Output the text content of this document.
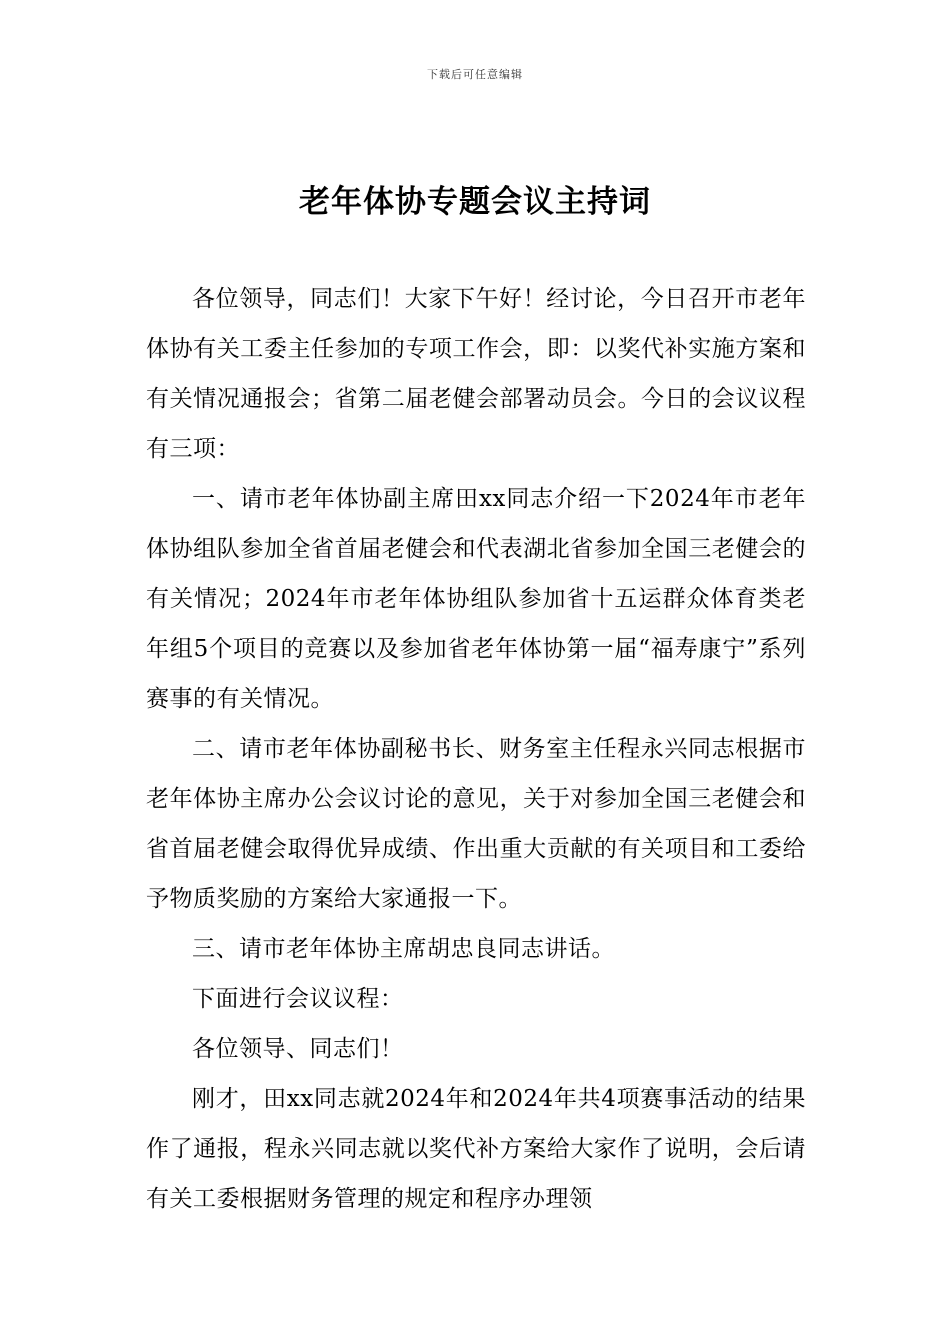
下载后可任意编辑
老年体协专题会议主持词

各位领导，同志们！大家下午好！经讨论，今日召开市老年体协有关工委主任参加的专项工作会，即：以奖代补实施方案和有关情况通报会；省第二届老健会部署动员会。今日的会议议程有三项：

一、请市老年体协副主席田xx同志介绍一下2024年市老年体协组队参加全省首届老健会和代表湖北省参加全国三老健会的有关情况；2024年市老年体协组队参加省十五运群众体育类老年组5个项目的竞赛以及参加省老年体协第一届“福寿康宁”系列赛事的有关情况。

二、请市老年体协副秘书长、财务室主任程永兴同志根据市老年体协主席办公会议讨论的意见，关于对参加全国三老健会和省首届老健会取得优异成绩、作出重大贡献的有关项目和工委给予物质奖励的方案给大家通报一下。

三、请市老年体协主席胡忠良同志讲话。

下面进行会议议程：

各位领导、同志们！

刚才，田xx同志就2024年和2024年共4项赛事活动的结果作了通报，程永兴同志就以奖代补方案给大家作了说明，会后请有关工委根据财务管理的规定和程序办理领
